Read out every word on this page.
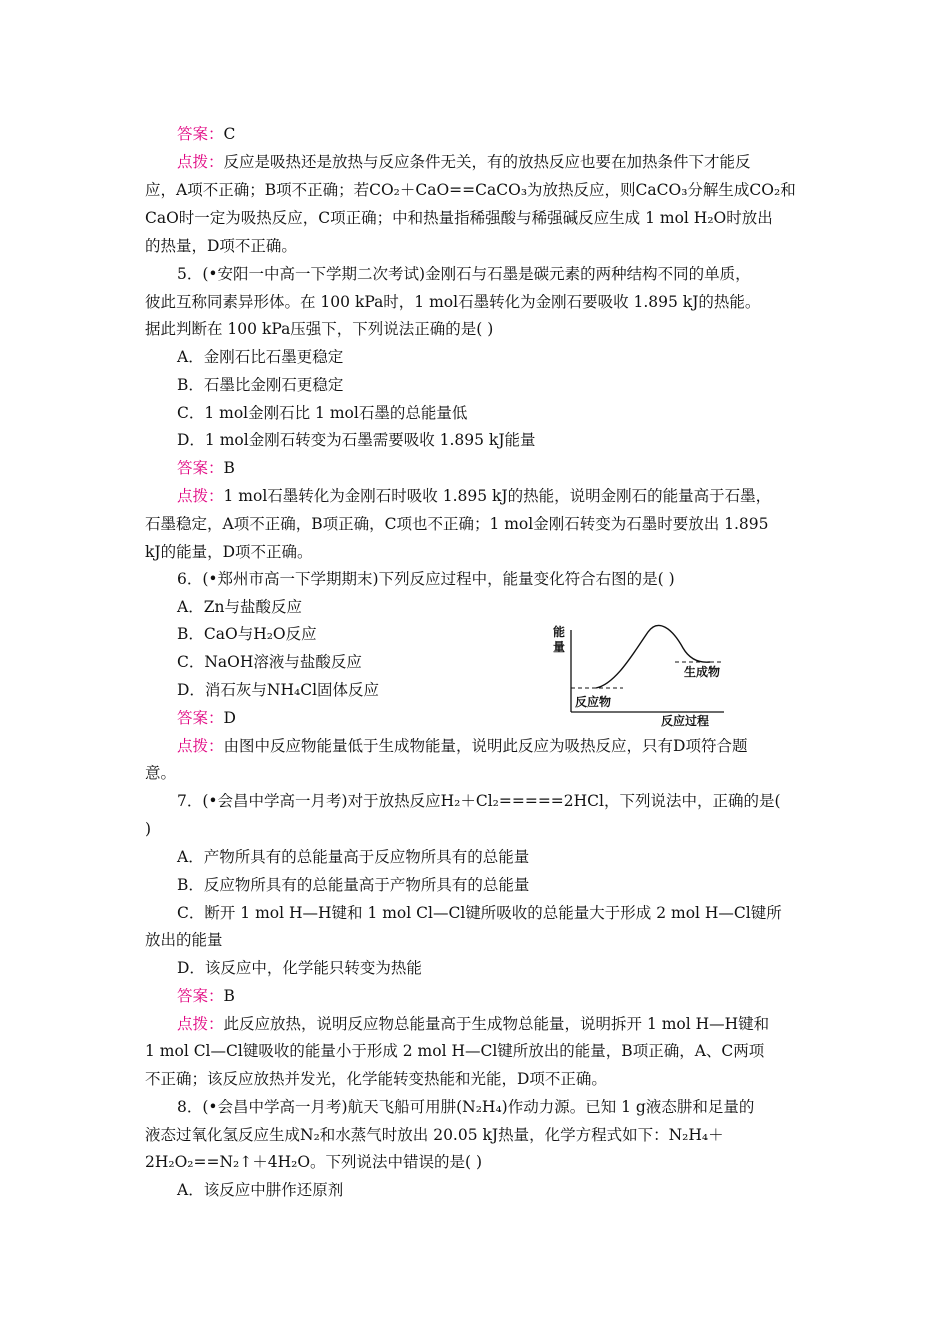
答案：C
点拨：反应是吸热还是放热与反应条件无关，有的放热反应也要在加热条件下才能反
应，A项不正确；B项不正确；若CO₂＋CaO==CaCO₃为放热反应，则CaCO₃分解生成CO₂和
CaO时一定为吸热反应，C项正确；中和热量指稀强酸与稀强碱反应生成 1 mol H₂O时放出
的热量，D项不正确。
5．(•安阳一中高一下学期二次考试)金刚石与石墨是碳元素的两种结构不同的单质，
彼此互称同素异形体。在 100 kPa时，1 mol石墨转化为金刚石要吸收 1.895 kJ的热能。
据此判断在 100 kPa压强下，下列说法正确的是( )
A．金刚石比石墨更稳定
B．石墨比金刚石更稳定
C．1 mol金刚石比 1 mol石墨的总能量低
D．1 mol金刚石转变为石墨需要吸收 1.895 kJ能量
答案：B
点拨：1 mol石墨转化为金刚石时吸收 1.895 kJ的热能，说明金刚石的能量高于石墨，
石墨稳定，A项不正确，B项正确，C项也不正确；1 mol金刚石转变为石墨时要放出 1.895
kJ的能量，D项不正确。
6．(•郑州市高一下学期期末)下列反应过程中，能量变化符合右图的是( )
A．Zn与盐酸反应
B．CaO与H₂O反应
C．NaOH溶液与盐酸反应
D．消石灰与NH₄Cl固体反应
答案：D
点拨：由图中反应物能量低于生成物能量，说明此反应为吸热反应，只有D项符合题
意。
7．(•会昌中学高一月考)对于放热反应H₂＋Cl₂=====2HCl，下列说法中，正确的是(
)
A．产物所具有的总能量高于反应物所具有的总能量
B．反应物所具有的总能量高于产物所具有的总能量
C．断开 1 mol H—H键和 1 mol Cl—Cl键所吸收的总能量大于形成 2 mol H—Cl键所
放出的能量
D．该反应中，化学能只转变为热能
答案：B
点拨：此反应放热，说明反应物总能量高于生成物总能量，说明拆开 1 mol H—H键和
1 mol Cl—Cl键吸收的能量小于形成 2 mol H—Cl键所放出的能量，B项正确，A、C两项
不正确；该反应放热并发光，化学能转变热能和光能，D项不正确。
8．(•会昌中学高一月考)航天飞船可用肼(N₂H₄)作动力源。已知 1 g液态肼和足量的
液态过氧化氢反应生成N₂和水蒸气时放出 20.05 kJ热量，化学方程式如下：N₂H₄＋
2H₂O₂==N₂↑＋4H₂O。下列说法中错误的是( )
A．该反应中肼作还原剂
能
量
生成物
反应物
反应过程
